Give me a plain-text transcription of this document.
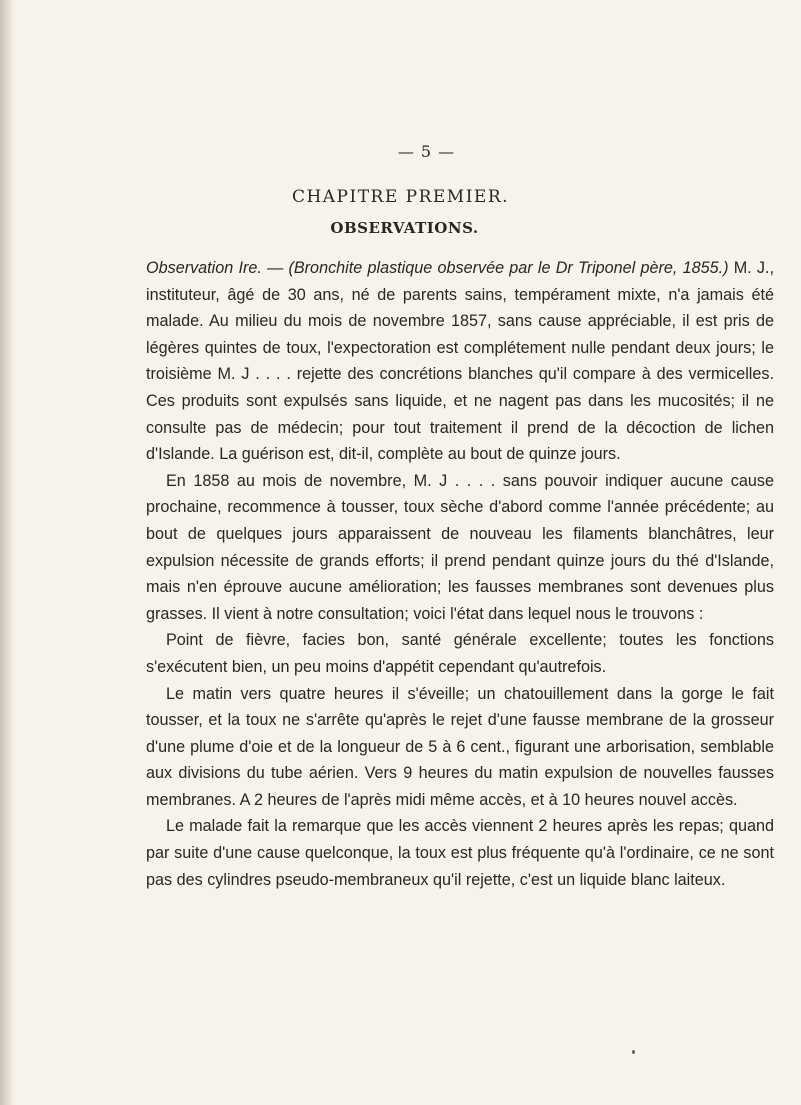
— 5 —
CHAPITRE PREMIER.
OBSERVATIONS.

Observation Ire. — (Bronchite plastique observée par le Dr Triponel père, 1855.) M. J., instituteur, âgé de 30 ans, né de parents sains, tempérament mixte, n'a jamais été malade. Au milieu du mois de novembre 1857, sans cause appréciable, il est pris de légères quintes de toux, l'expectoration est complétement nulle pendant deux jours; le troisième M. J . . . . rejette des concrétions blanches qu'il compare à des vermicelles. Ces produits sont expulsés sans liquide, et ne nagent pas dans les mucosités; il ne consulte pas de médecin; pour tout traitement il prend de la décoction de lichen d'Islande. La guérison est, dit-il, complète au bout de quinze jours.

En 1858 au mois de novembre, M. J . . . . sans pouvoir indiquer aucune cause prochaine, recommence à tousser, toux sèche d'abord comme l'année précédente; au bout de quelques jours apparaissent de nouveau les filaments blanchâtres, leur expulsion nécessite de grands efforts; il prend pendant quinze jours du thé d'Islande, mais n'en éprouve aucune amélioration; les fausses membranes sont devenues plus grasses. Il vient à notre consultation; voici l'état dans lequel nous le trouvons :

Point de fièvre, facies bon, santé générale excellente; toutes les fonctions s'exécutent bien, un peu moins d'appétit cependant qu'autrefois.

Le matin vers quatre heures il s'éveille; un chatouillement dans la gorge le fait tousser, et la toux ne s'arrête qu'après le rejet d'une fausse membrane de la grosseur d'une plume d'oie et de la longueur de 5 à 6 cent., figurant une arborisation, semblable aux divisions du tube aérien. Vers 9 heures du matin expulsion de nouvelles fausses membranes. A 2 heures de l'après midi même accès, et à 10 heures nouvel accès.

Le malade fait la remarque que les accès viennent 2 heures après les repas; quand par suite d'une cause quelconque, la toux est plus fréquente qu'à l'ordinaire, ce ne sont pas des cylindres pseudo-membraneux qu'il rejette, c'est un liquide blanc laiteux.
